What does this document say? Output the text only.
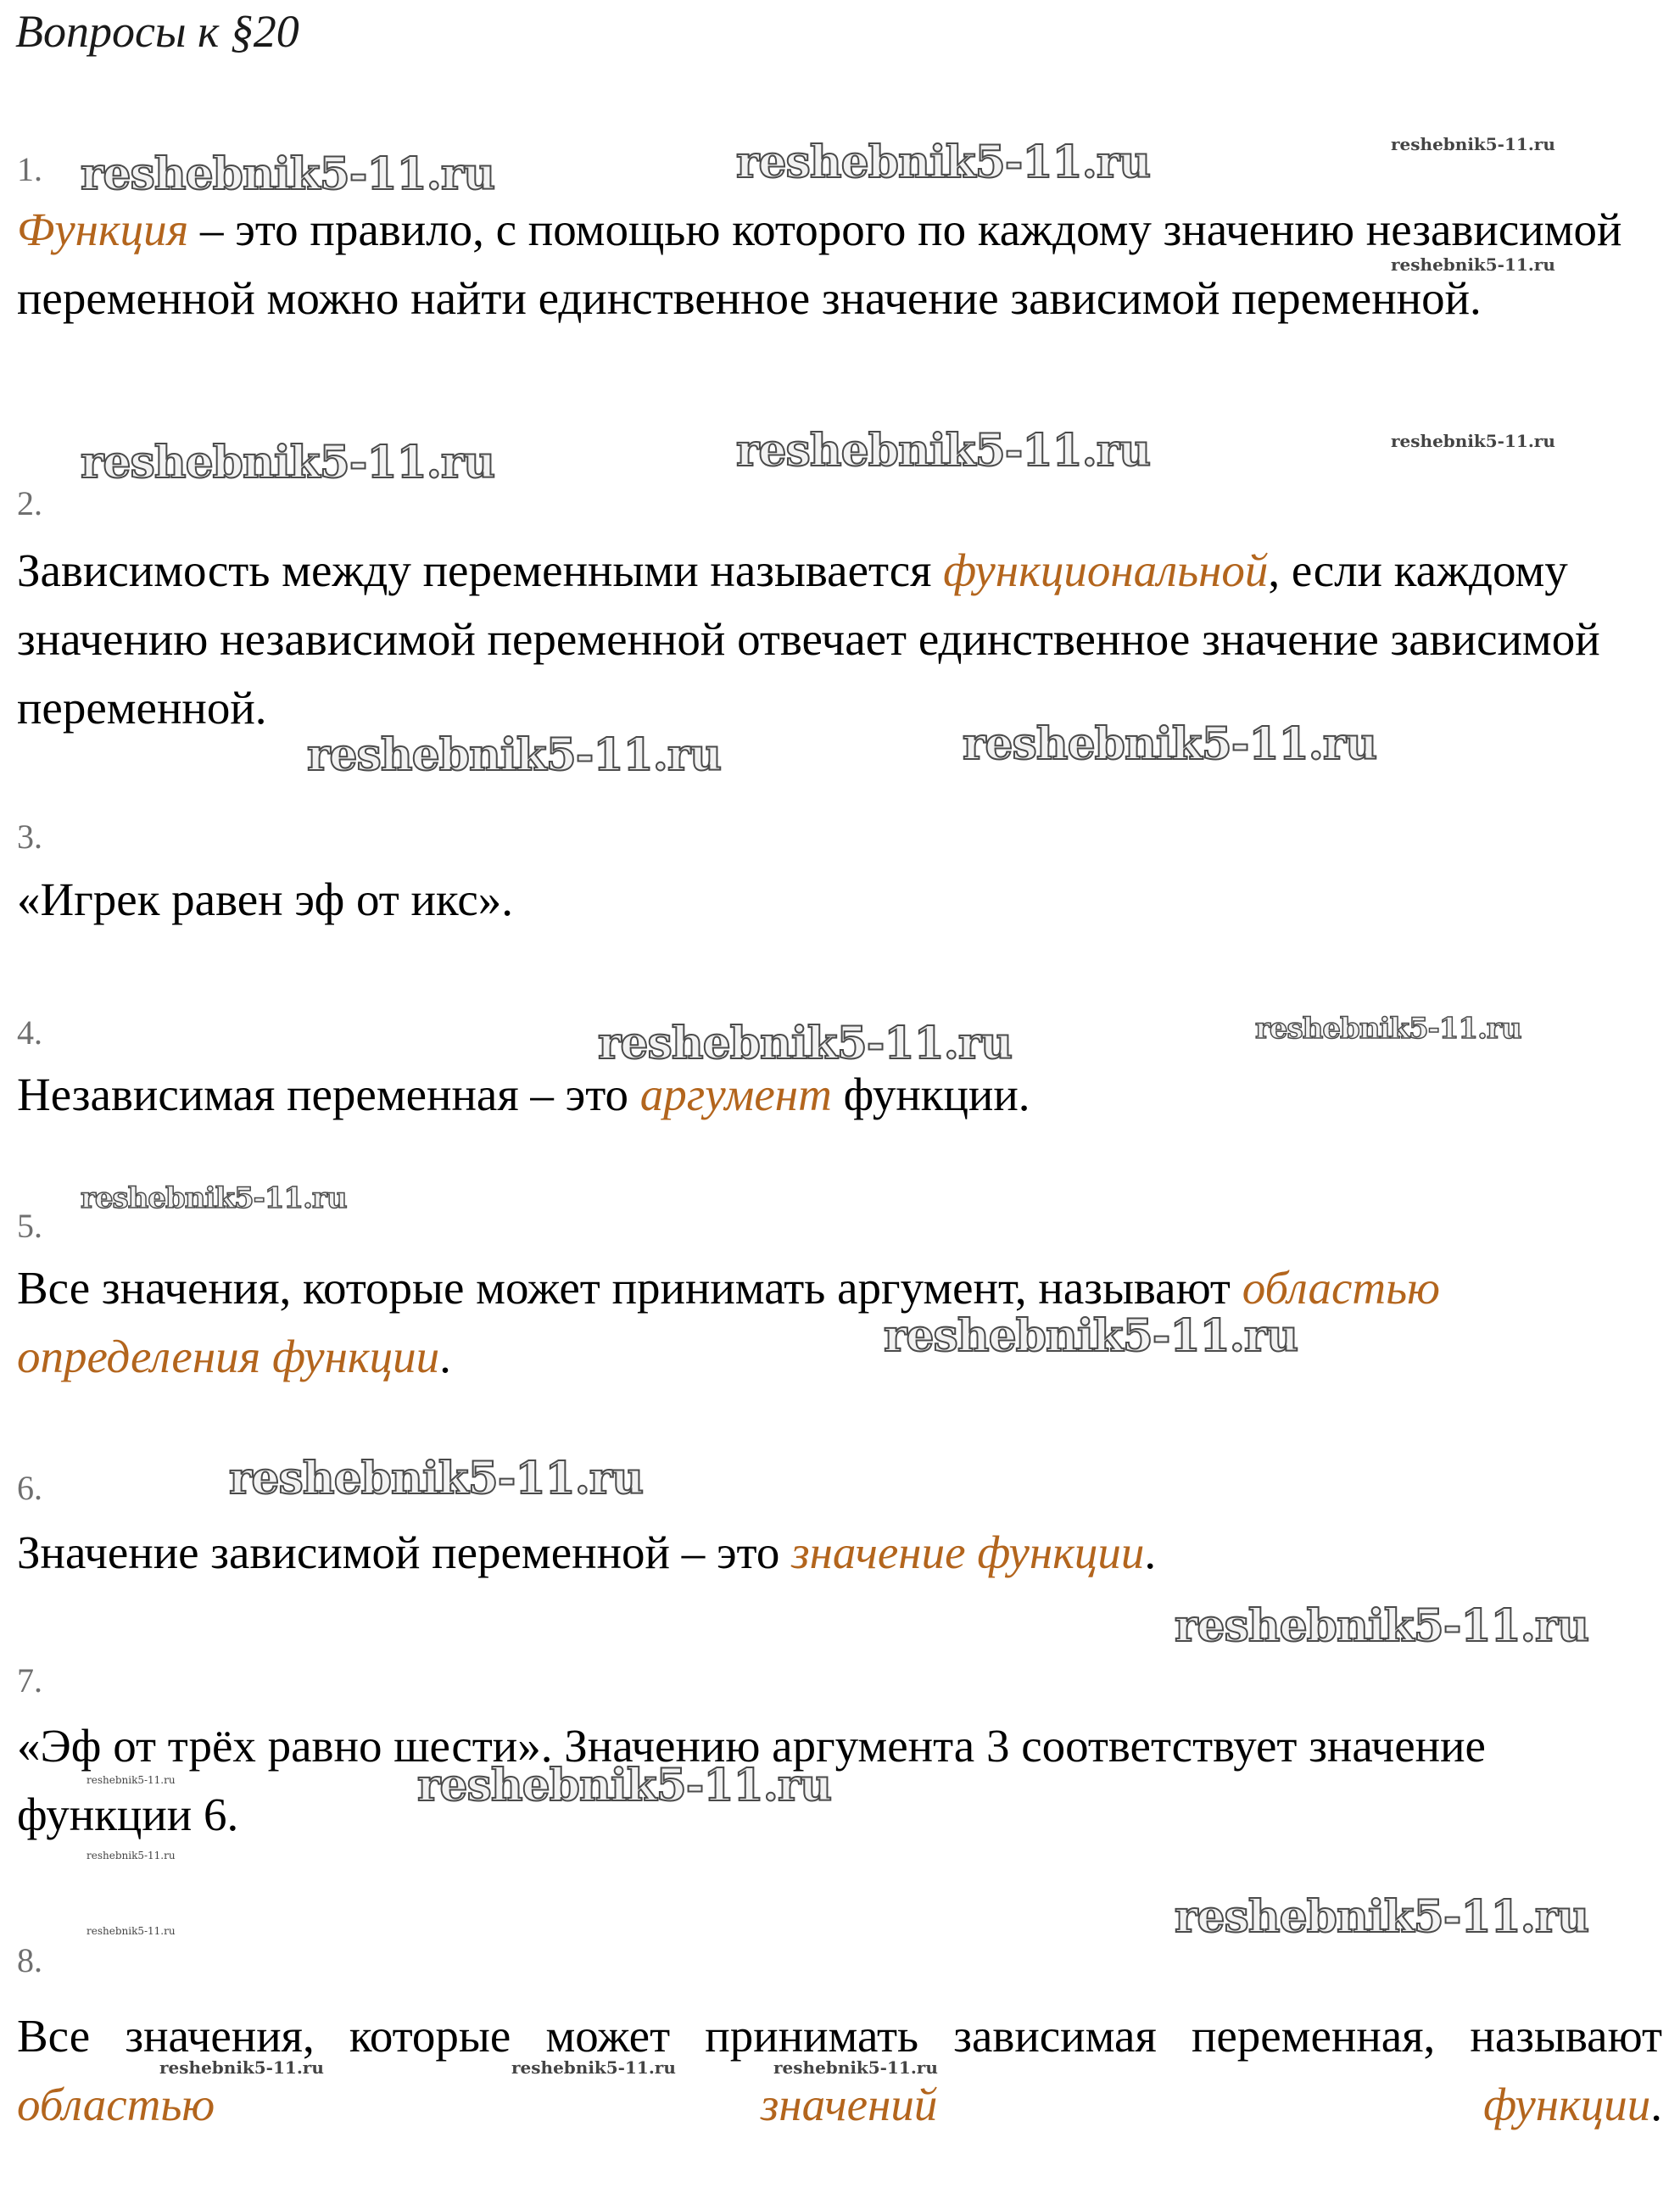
Вопросы к §20
1.
Функция – это правило, с помощью которого по каждому значению независимой переменной можно найти единственное значение зависимой переменной.
2.
Зависимость между переменными называется функциональной, если каждому значению независимой переменной отвечает единственное значение зависимой переменной.
3.
«Игрек равен эф от икс».
4.
Независимая переменная – это аргумент функции.
5.
Все значения, которые может принимать аргумент, называют областью определения функции.
6.
Значение зависимой переменной – это значение функции.
7.
«Эф от трёх равно шести». Значению аргумента 3 соответствует значение функции 6.
8.
Все значения, которые может принимать зависимая переменная, называют областью значений функции.
reshebnik5-11.ru	reshebnik5-11.ru	reshebnik5-11.ru
reshebnik5-11.ru
reshebnik5-11.ru	reshebnik5-11.ru	reshebnik5-11.ru
reshebnik5-11.ru	reshebnik5-11.ru
reshebnik5-11.ru	reshebnik5-11.ru
reshebnik5-11.ru
reshebnik5-11.ru
reshebnik5-11.ru
reshebnik5-11.ru
reshebnik5-11.ru
reshebnik5-11.ru
reshebnik5-11.ru
reshebnik5-11.ru	reshebnik5-11.ru
reshebnik5-11.ru	reshebnik5-11.ru	reshebnik5-11.ru
